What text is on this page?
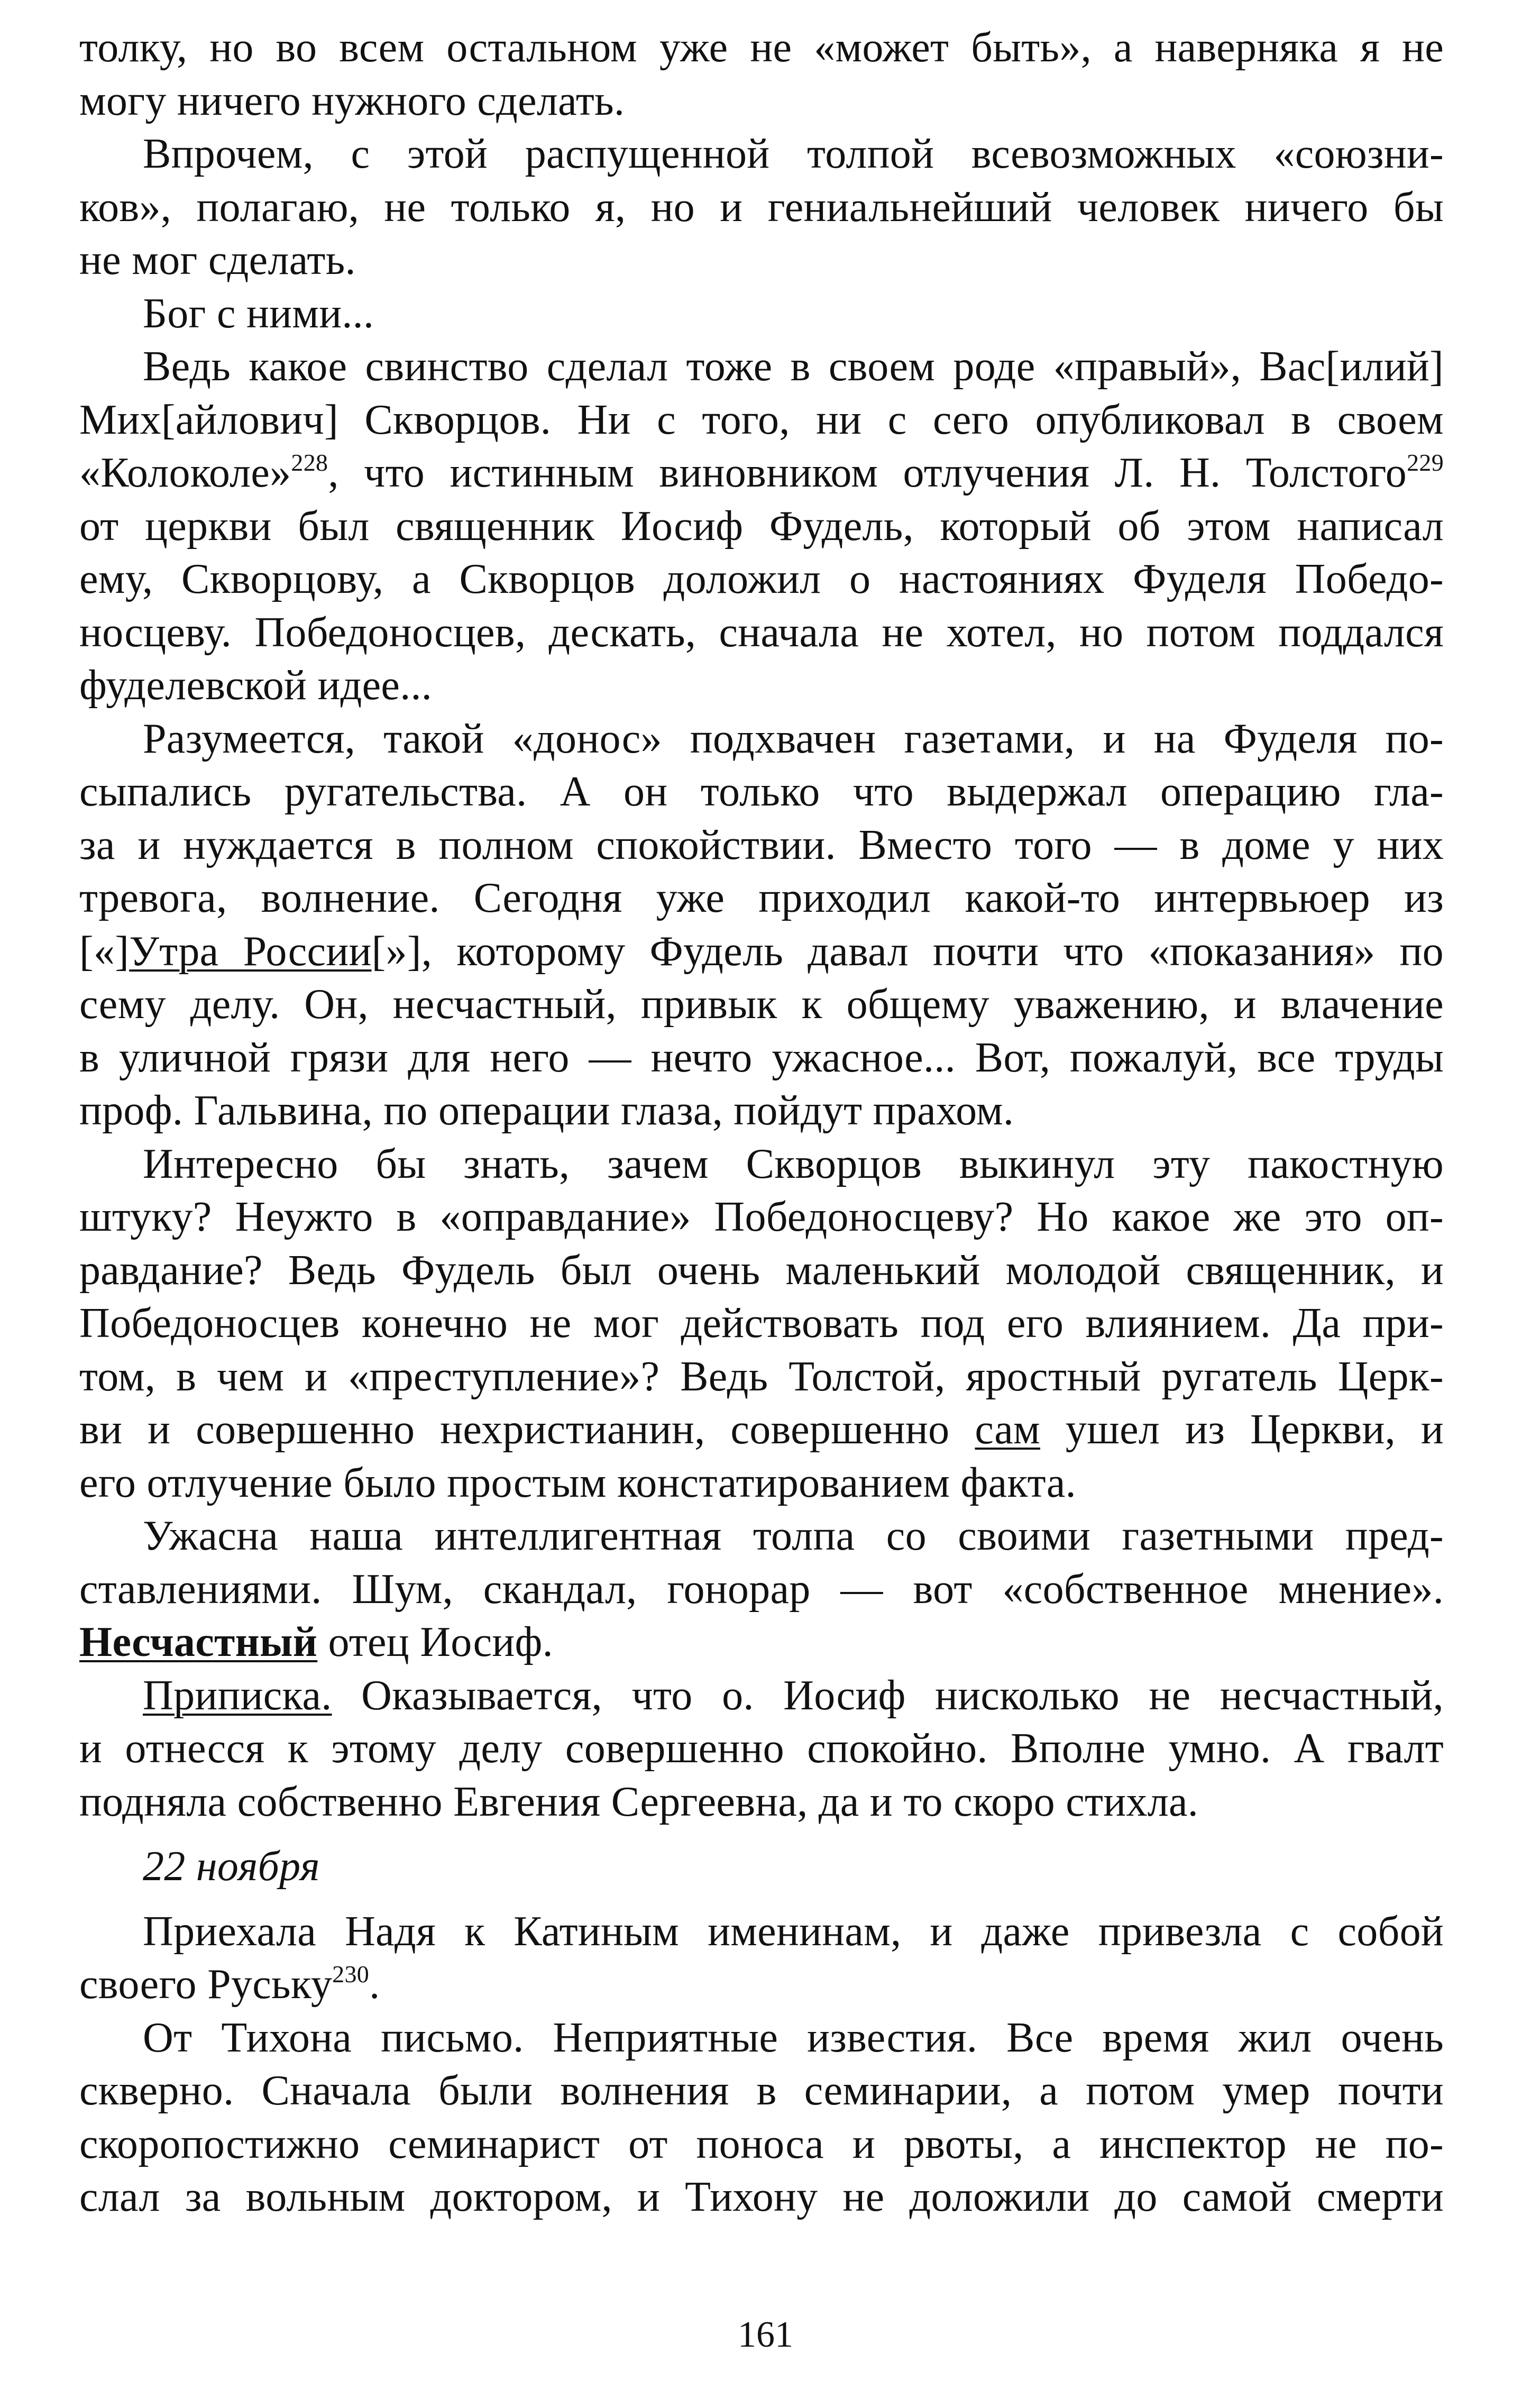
толку, но во всем остальном уже не «может быть», а наверняка я не
могу ничего нужного сделать.
Впрочем, с этой распущенной толпой всевозможных «союзни-
ков», полагаю, не только я, но и гениальнейший человек ничего бы
не мог сделать.
Бог с ними...
Ведь какое свинство сделал тоже в своем роде «правый», Вас[илий]
Мих[айлович] Скворцов. Ни с того, ни с сего опубликовал в своем
«Колоколе»$^{228}$, что истинным виновником отлучения Л. Н. Толстого$^{229}$
от церкви был священник Иосиф Фудель, который об этом написал
ему, Скворцову, а Скворцов доложил о настояниях Фуделя Победо-
носцеву. Победоносцев, дескать, сначала не хотел, но потом поддался
фуделевской идее...
Разумеется, такой «донос» подхвачен газетами, и на Фуделя по-
сыпались ругательства. А он только что выдержал операцию гла-
за и нуждается в полном спокойствии. Вместо того — в доме у них
тревога, волнение. Сегодня уже приходил какой-то интервьюер из
[«]Утра России[»], которому Фудель давал почти что «показания» по
сему делу. Он, несчастный, привык к общему уважению, и влачение
в уличной грязи для него — нечто ужасное... Вот, пожалуй, все труды
проф. Гальвина, по операции глаза, пойдут прахом.
Интересно бы знать, зачем Скворцов выкинул эту пакостную
штуку? Неужто в «оправдание» Победоносцеву? Но какое же это оп-
равдание? Ведь Фудель был очень маленький молодой священник, и
Победоносцев конечно не мог действовать под его влиянием. Да при-
том, в чем и «преступление»? Ведь Толстой, яростный ругатель Церк-
ви и совершенно нехристианин, совершенно сам ушел из Церкви, и
его отлучение было простым констатированием факта.
Ужасна наша интеллигентная толпа со своими газетными пред-
ставлениями. Шум, скандал, гонорар — вот «собственное мнение».
Несчастный отец Иосиф.
Приписка. Оказывается, что о. Иосиф нисколько не несчастный,
и отнесся к этому делу совершенно спокойно. Вполне умно. А гвалт
подняла собственно Евгения Сергеевна, да и то скоро стихла.
22 ноября
Приехала Надя к Катиным именинам, и даже привезла с собой
своего Руську$^{230}$.
От Тихона письмо. Неприятные известия. Все время жил очень
скверно. Сначала были волнения в семинарии, а потом умер почти
скоропостижно семинарист от поноса и рвоты, а инспектор не по-
слал за вольным доктором, и Тихону не доложили до самой смерти
161
